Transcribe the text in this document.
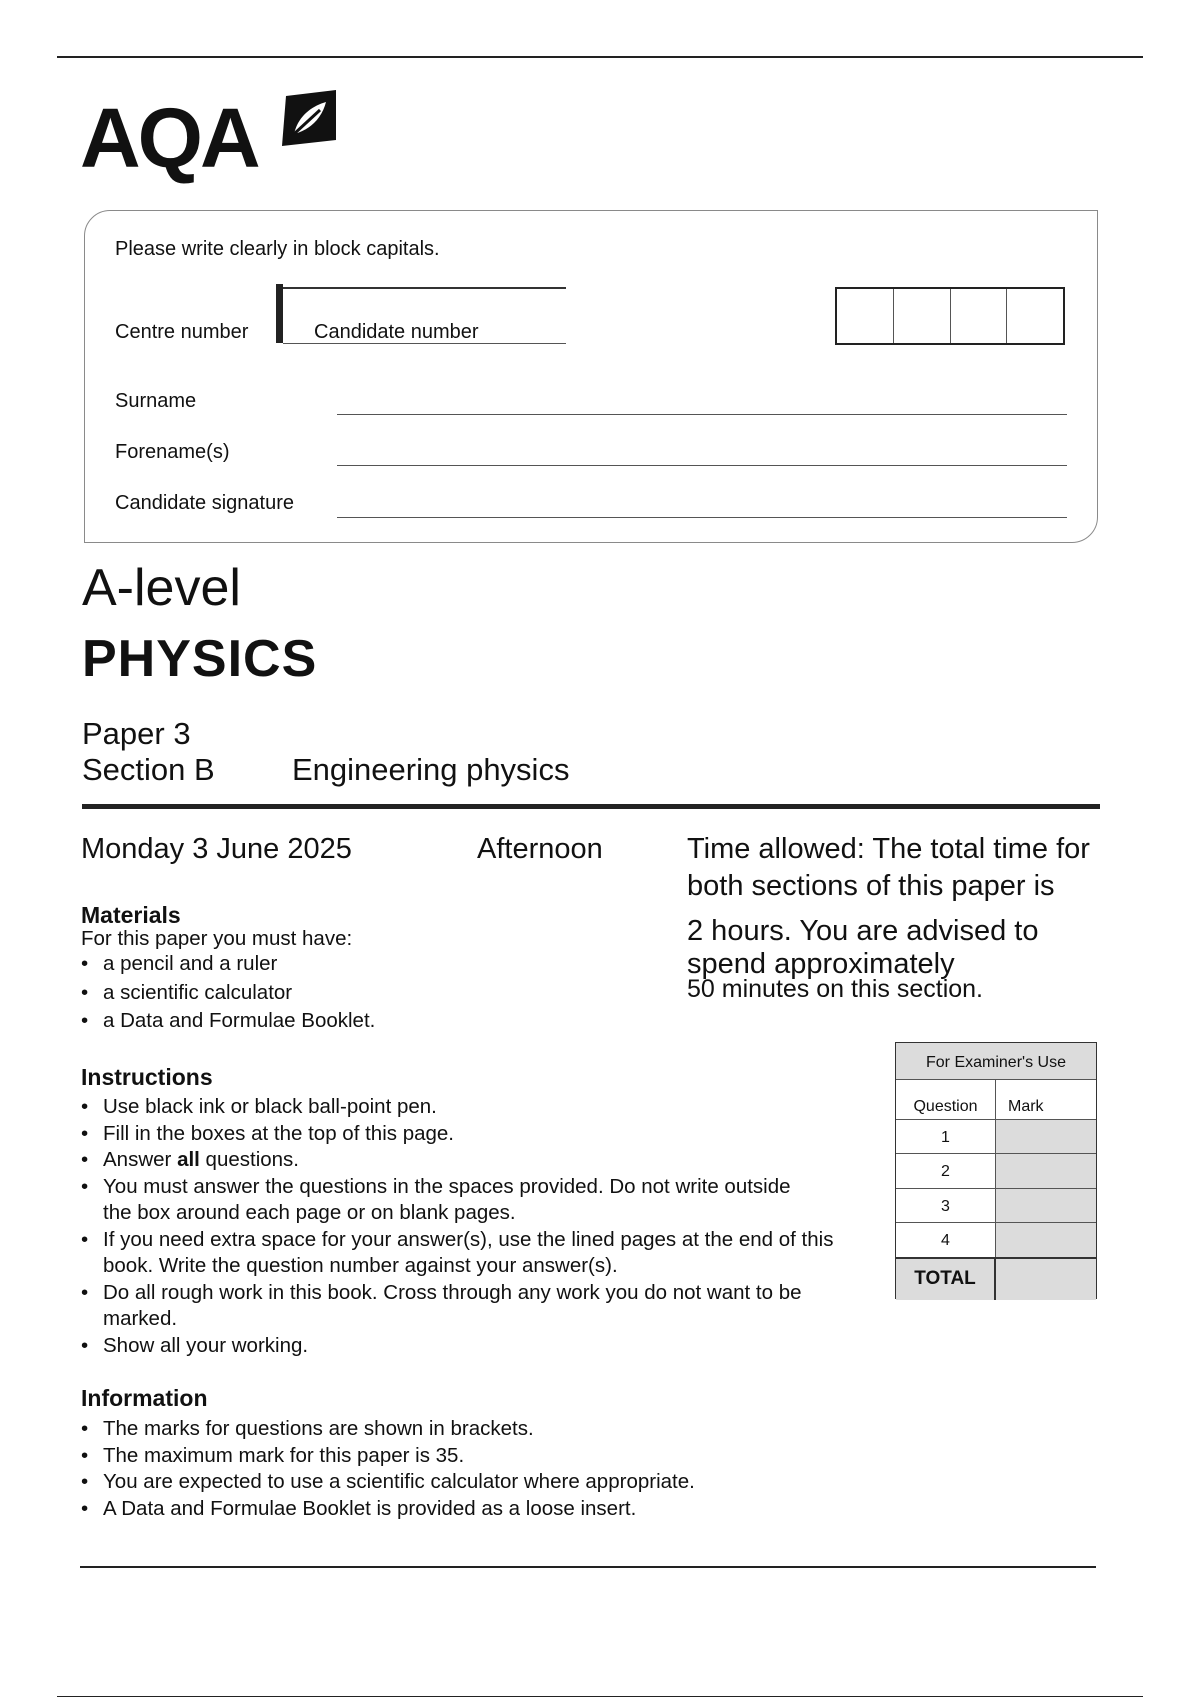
AQA
Please write clearly in block capitals.
Centre number	Candidate number
Surname
Forename(s)
Candidate signature
A-level
PHYSICS
Paper 3
Section B Engineering physics
Monday 3 June 2025	Afternoon	Time allowed: The total time for
both sections of this paper is
2 hours. You are advised to
spend approximately
50 minutes on this section.
Materials
For this paper you must have:
• a pencil and a ruler
• a scientific calculator
• a Data and Formulae Booklet.
Instructions
• Use black ink or black ball-point pen.
• Fill in the boxes at the top of this page.
• Answer all questions.
• You must answer the questions in the spaces provided. Do not write outside the box around each page or on blank pages.
• If you need extra space for your answer(s), use the lined pages at the end of this book. Write the question number against your answer(s).
• Do all rough work in this book. Cross through any work you do not want to be marked.
• Show all your working.
Information
• The marks for questions are shown in brackets.
• The maximum mark for this paper is 35.
• You are expected to use a scientific calculator where appropriate.
• A Data and Formulae Booklet is provided as a loose insert.
For Examiner's Use
Question	Mark
1
2
3
4
TOTAL
